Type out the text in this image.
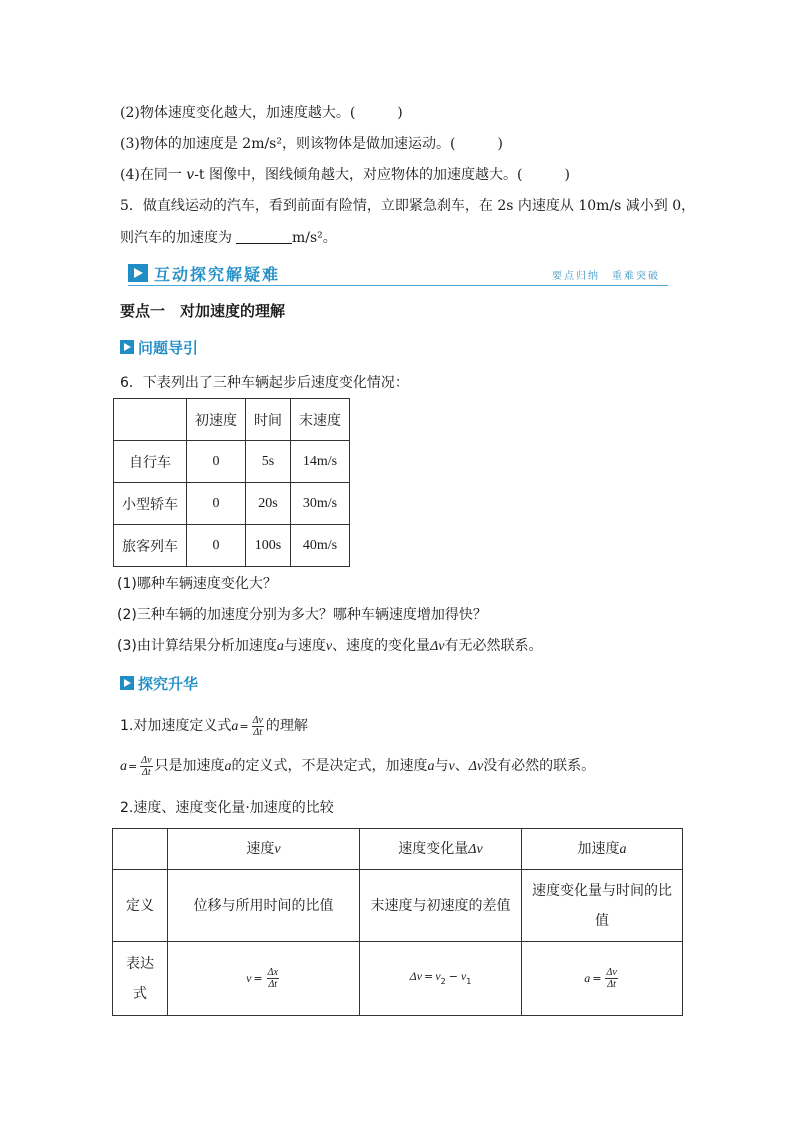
(2)物体速度变化越大，加速度越大。(　　　)
(3)物体的加速度是 2m/s²，则该物体是做加速运动。(　　　)
(4)在同一 v-t 图像中，图线倾角越大，对应物体的加速度越大。(　　　)
5．做直线运动的汽车，看到前面有险情，立即紧急刹车，在 2s 内速度从 10m/s 减小到 0，
则汽车的加速度为	m/s²。
互动探究解疑难	要点归纳　重难突破
要点一　对加速度的理解
问题导引
6．下表列出了三种车辆起步后速度变化情况：
	初速度	时间	末速度
自行车	0	5s	14m/s
小型轿车	0	20s	30m/s
旅客列车	0	100s	40m/s
(1)哪种车辆速度变化大？
(2)三种车辆的加速度分别为多大？哪种车辆速度增加得快？
(3)由计算结果分析加速度a与速度v、速度的变化量Δv有无必然联系。
探究升华
1.对加速度定义式$a= \frac{\Delta v}{\Delta t}$ 的理解
$a= \frac{\Delta v}{\Delta t}$ 只是加速度a的定义式，不是决定式，加速度a与v、Δv没有必然的联系。
2.速度、速度变化量·加速度的比较
	速度v	速度变化量Δv	加速度a
定义	位移与所用时间的比值	末速度与初速度的差值	速度变化量与时间的比值
表达式	$v = \frac{\Delta x}{\Delta t}$	$\Delta v = v_2 - v_1$	$a = \frac{\Delta v}{\Delta t}$
